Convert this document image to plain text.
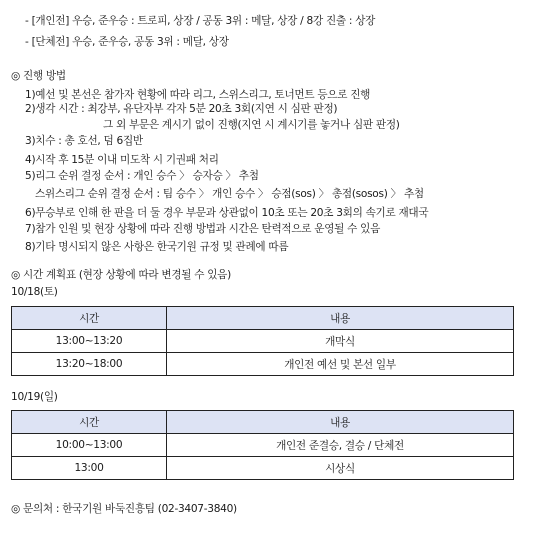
- [개인전] 우승, 준우승 : 트로피, 상장 / 공동 3위 : 메달, 상장 / 8강 진출 : 상장
- [단체전] 우승, 준우승, 공동 3위 : 메달, 상장
◎ 진행 방법
1)예선 및 본선은 참가자 현황에 따라 리그, 스위스리그, 토너먼트 등으로 진행
2)생각 시간 : 최강부, 유단자부 각자 5분 20초 3회(지연 시 심판 판정)
그 외 부문은 계시기 없이 진행(지연 시 계시기를 놓거나 심판 판정)
3)치수 : 총 호선, 덤 6집반
4)시작 후 15분 이내 미도착 시 기권패 처리
5)리그 순위 결정 순서 : 개인 승수 〉 승자승 〉 추첨
스위스리그 순위 결정 순서 : 팀 승수 〉 개인 승수 〉 승점(sos) 〉 총점(sosos) 〉 추첨
6)무승부로 인해 한 판을 더 둘 경우 부문과 상관없이 10초 또는 20초 3회의 속기로 재대국
7)참가 인원 및 현장 상황에 따라 진행 방법과 시간은 탄력적으로 운영될 수 있음
8)기타 명시되지 않은 사항은 한국기원 규정 및 관례에 따름
◎ 시간 계획표 (현장 상황에 따라 변경될 수 있음)
10/18(토)
시간	내용
13:00~13:20	개막식
13:20~18:00	개인전 예선 및 본선 일부
10/19(일)
시간	내용
10:00~13:00	개인전 준결승, 결승 / 단체전
13:00	시상식
◎ 문의처 : 한국기원 바둑진흥팀 (02-3407-3840)
